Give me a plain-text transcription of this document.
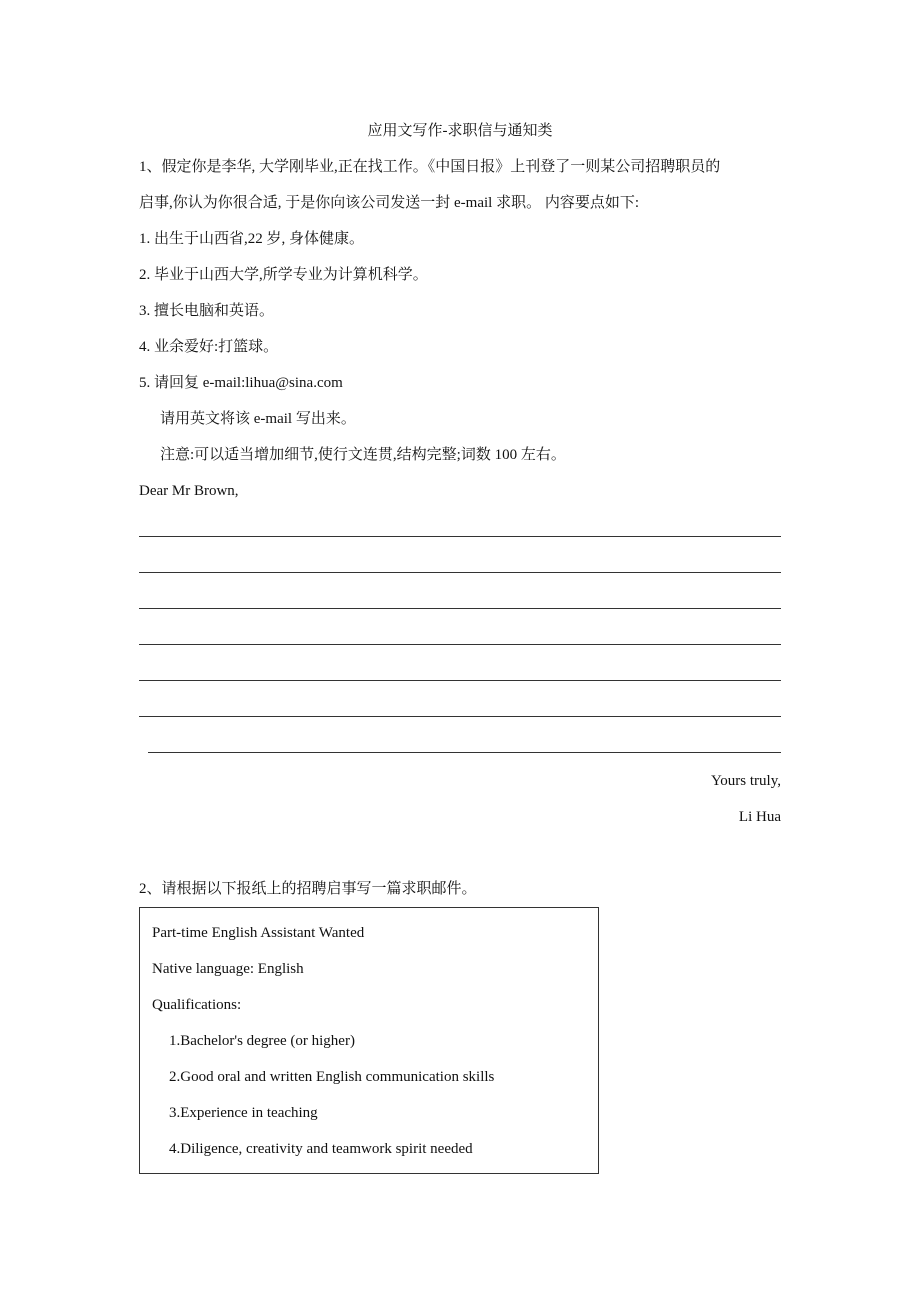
应用文写作-求职信与通知类
1、假定你是李华, 大学刚毕业,正在找工作。《中国日报》上刊登了一则某公司招聘职员的
启事,你认为你很合适, 于是你向该公司发送一封 e-mail 求职。 内容要点如下:
1. 出生于山西省,22 岁, 身体健康。
2. 毕业于山西大学,所学专业为计算机科学。
3. 擅长电脑和英语。
4. 业余爱好:打篮球。
5. 请回复 e-mail:lihua@sina.com
请用英文将该 e-mail 写出来。
注意:可以适当增加细节,使行文连贯,结构完整;词数 100 左右。
Dear Mr Brown,
Yours truly,
Li Hua
2、请根据以下报纸上的招聘启事写一篇求职邮件。
Part-time English Assistant Wanted
Native language: English
Qualifications:
1.Bachelor's degree (or higher)
2.Good oral and written English communication skills
3.Experience in teaching
4.Diligence, creativity and teamwork spirit needed
